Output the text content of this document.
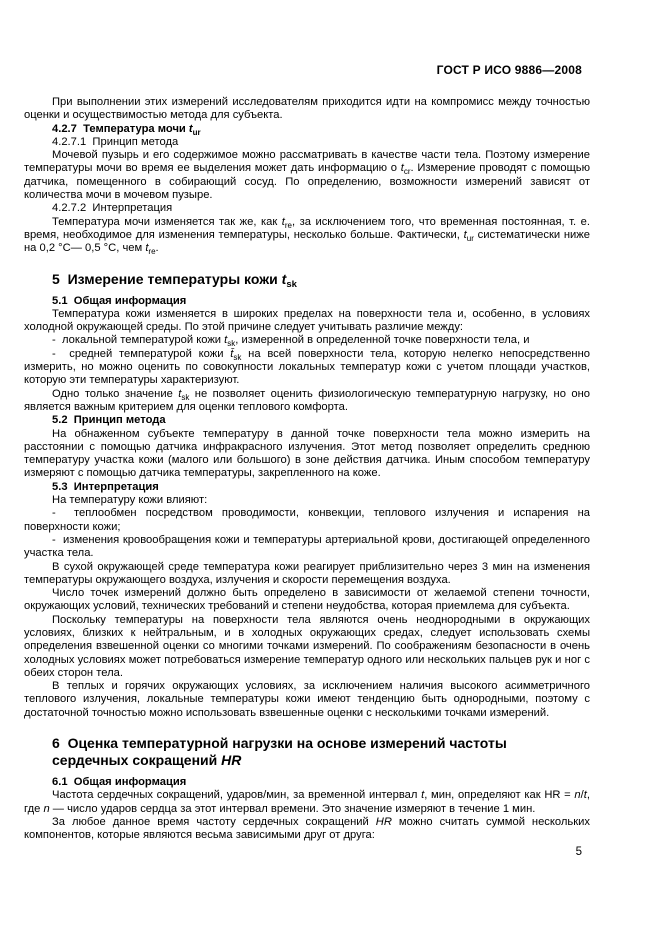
ГОСТ Р ИСО 9886—2008
При выполнении этих измерений исследователям приходится идти на компромисс между точностью оценки и осуществимостью метода для субъекта.
4.2.7  Температура мочи $t_{ur}$
4.2.7.1  Принцип метода
Мочевой пузырь и его содержимое можно рассматривать в качестве части тела. Поэтому измерение температуры мочи во время ее выделения может дать информацию о $t_{cr}$. Измерение проводят с помощью датчика, помещенного в собирающий сосуд. По определению, возможности измерений зависят от количества мочи в мочевом пузыре.
4.2.7.2  Интерпретация
Температура мочи изменяется так же, как $t_{re}$, за исключением того, что временная постоянная, т. е. время, необходимое для изменения температуры, несколько больше. Фактически, $t_{ur}$ систематически ниже на 0,2 °С— 0,5 °С, чем $t_{re}$.
5  Измерение температуры кожи $t_{sk}$
5.1  Общая информация
Температура кожи изменяется в широких пределах на поверхности тела и, особенно, в условиях холодной окружающей среды. По этой причине следует учитывать различие между:
-  локальной температурой кожи $t_{sk}$, измеренной в определенной точке поверхности тела, и
-  средней температурой кожи $t̄_{sk}$ на всей поверхности тела, которую нелегко непосредственно измерить, но можно оценить по совокупности локальных температур кожи с учетом площади участков, которую эти температуры характеризуют.
Одно только значение $t_{sk}$ не позволяет оценить физиологическую температурную нагрузку, но оно является важным критерием для оценки теплового комфорта.
5.2  Принцип метода
На обнаженном субъекте температуру в данной точке поверхности тела можно измерить на расстоянии с помощью датчика инфракрасного излучения. Этот метод позволяет определить среднюю температуру участка кожи (малого или большого) в зоне действия датчика. Иным способом температуру измеряют с помощью датчика температуры, закрепленного на коже.
5.3  Интерпретация
На температуру кожи влияют:
-  теплообмен посредством проводимости, конвекции, теплового излучения и испарения на поверхности кожи;
-  изменения кровообращения кожи и температуры артериальной крови, достигающей определенного участка тела.
В сухой окружающей среде температура кожи реагирует приблизительно через 3 мин на изменения температуры окружающего воздуха, излучения и скорости перемещения воздуха.
Число точек измерений должно быть определено в зависимости от желаемой степени точности, окружающих условий, технических требований и степени неудобства, которая приемлема для субъекта.
Поскольку температуры на поверхности тела являются очень неоднородными в окружающих условиях, близких к нейтральным, и в холодных окружающих средах, следует использовать схемы определения взвешенной оценки со многими точками измерений. По соображениям безопасности в очень холодных условиях может потребоваться измерение температур одного или нескольких пальцев рук и ног с обеих сторон тела.
В теплых и горячих окружающих условиях, за исключением наличия высокого асимметричного теплового излучения, локальные температуры кожи имеют тенденцию быть однородными, поэтому с достаточной точностью можно использовать взвешенные оценки с несколькими точками измерений.
6  Оценка температурной нагрузки на основе измерений частоты
сердечных сокращений HR
6.1  Общая информация
Частота сердечных сокращений, ударов/мин, за временной интервал t, мин, определяют как HR = n/t, где n — число ударов сердца за этот интервал времени. Это значение измеряют в течение 1 мин.
За любое данное время частоту сердечных сокращений HR можно считать суммой нескольких компонентов, которые являются весьма зависимыми друг от друга:
5
